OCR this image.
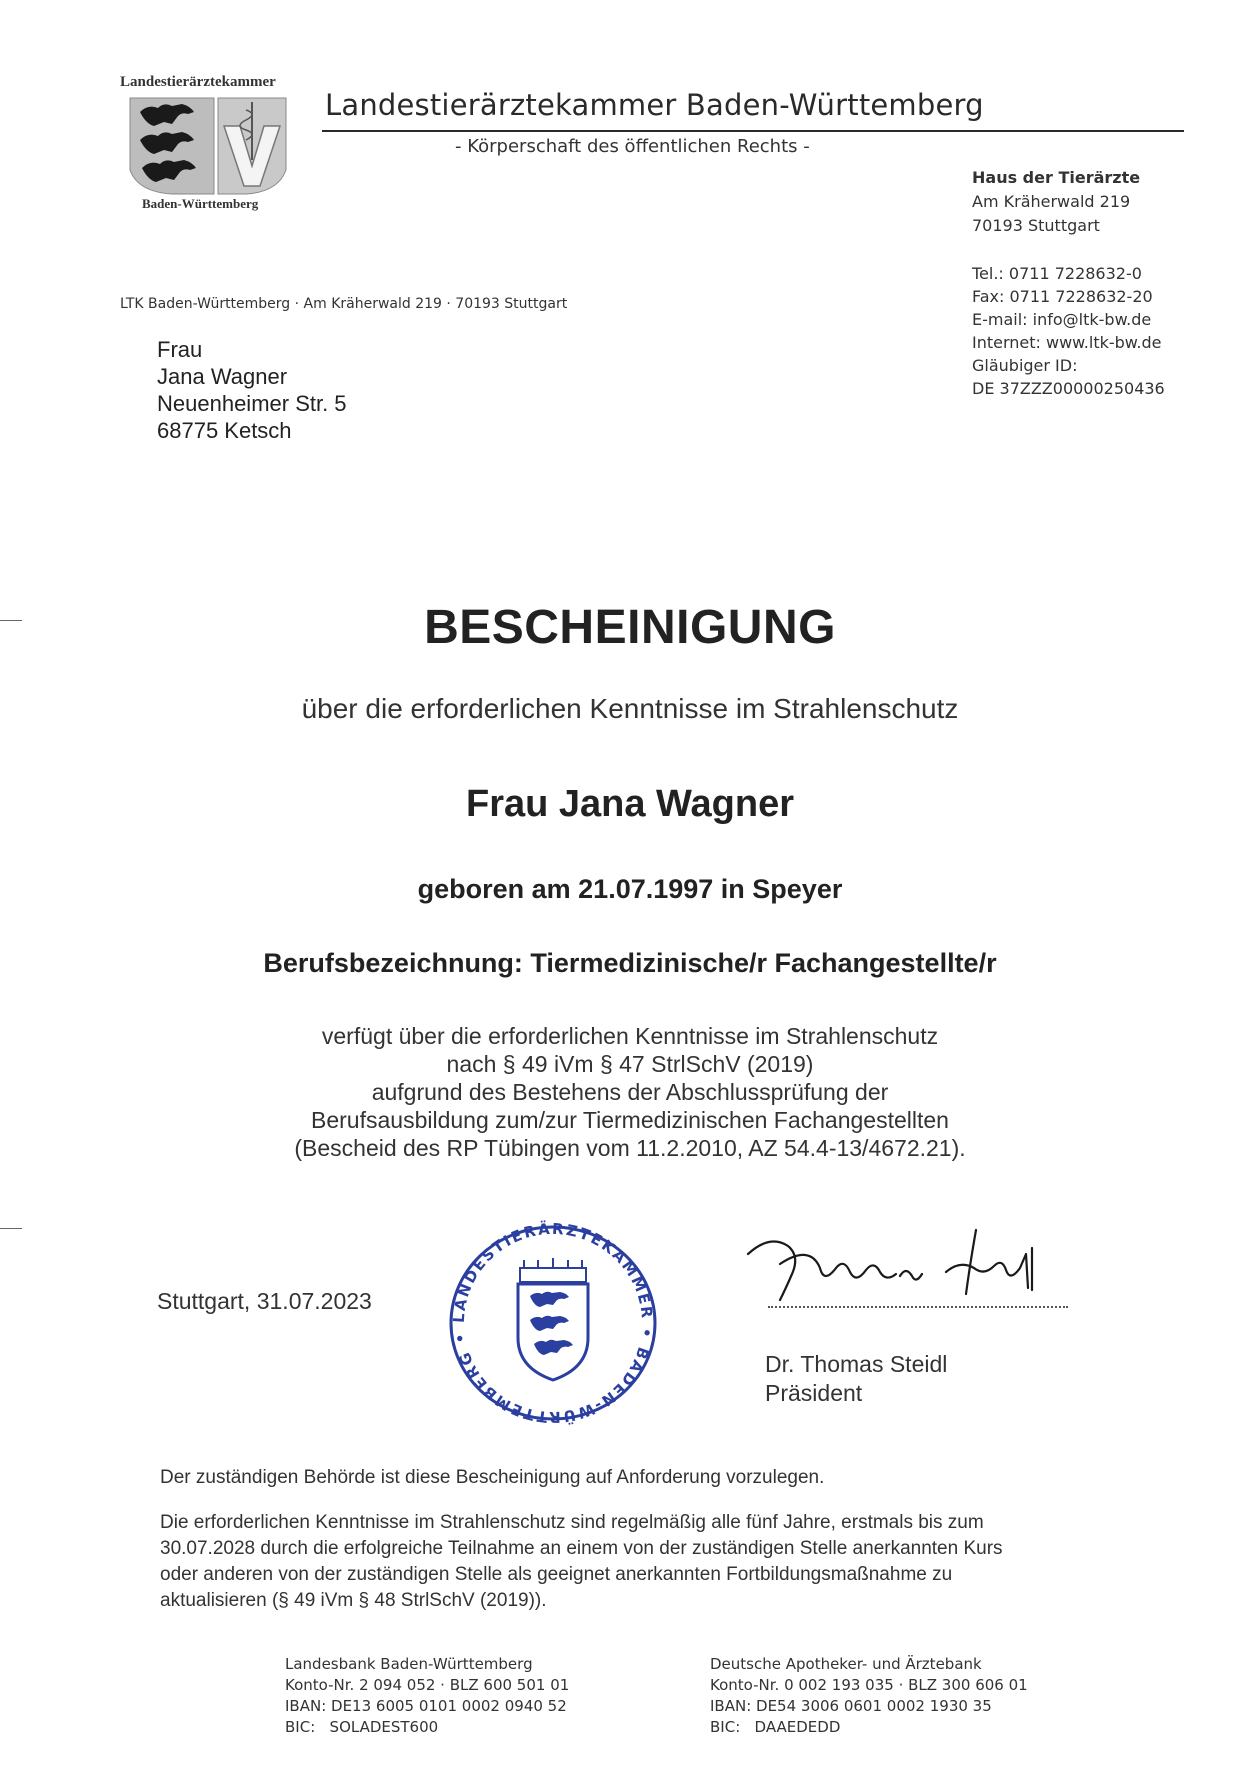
Landestierärztekammer
Baden-Württemberg
Landestierärztekammer Baden-Württemberg
- Körperschaft des öffentlichen Rechts -
Haus der Tierärzte
Am Kräherwald 219
70193 Stuttgart
Tel.: 0711 7228632-0
Fax: 0711 7228632-20
E-mail: info@ltk-bw.de
Internet: www.ltk-bw.de
Gläubiger ID:
DE 37ZZZ00000250436
LTK Baden-Württemberg · Am Kräherwald 219 · 70193 Stuttgart
Frau
Jana Wagner
Neuenheimer Str. 5
68775 Ketsch
BESCHEINIGUNG
über die erforderlichen Kenntnisse im Strahlenschutz
Frau Jana Wagner
geboren am 21.07.1997 in Speyer
Berufsbezeichnung: Tiermedizinische/r Fachangestellte/r
verfügt über die erforderlichen Kenntnisse im Strahlenschutz
nach § 49 iVm § 47 StrlSchV (2019)
aufgrund des Bestehens der Abschlussprüfung der
Berufsausbildung zum/zur Tiermedizinischen Fachangestellten
(Bescheid des RP Tübingen vom 11.2.2010, AZ 54.4-13/4672.21).
Stuttgart, 31.07.2023
LANDESTIERÄRZTEKAMMER • BADEN-WÜRTTEMBERG •
Dr. Thomas Steidl
Präsident
Der zuständigen Behörde ist diese Bescheinigung auf Anforderung vorzulegen.
Die erforderlichen Kenntnisse im Strahlenschutz sind regelmäßig alle fünf Jahre, erstmals bis zum
30.07.2028 durch die erfolgreiche Teilnahme an einem von der zuständigen Stelle anerkannten Kurs
oder anderen von der zuständigen Stelle als geeignet anerkannten Fortbildungsmaßnahme zu
aktualisieren (§ 49 iVm § 48 StrlSchV (2019)).
Landesbank Baden-Württemberg
Konto-Nr. 2 094 052 · BLZ 600 501 01
IBAN: DE13 6005 0101 0002 0940 52
BIC:   SOLADEST600
Deutsche Apotheker- und Ärztebank
Konto-Nr. 0 002 193 035 · BLZ 300 606 01
IBAN: DE54 3006 0601 0002 1930 35
BIC:   DAAEDEDD
